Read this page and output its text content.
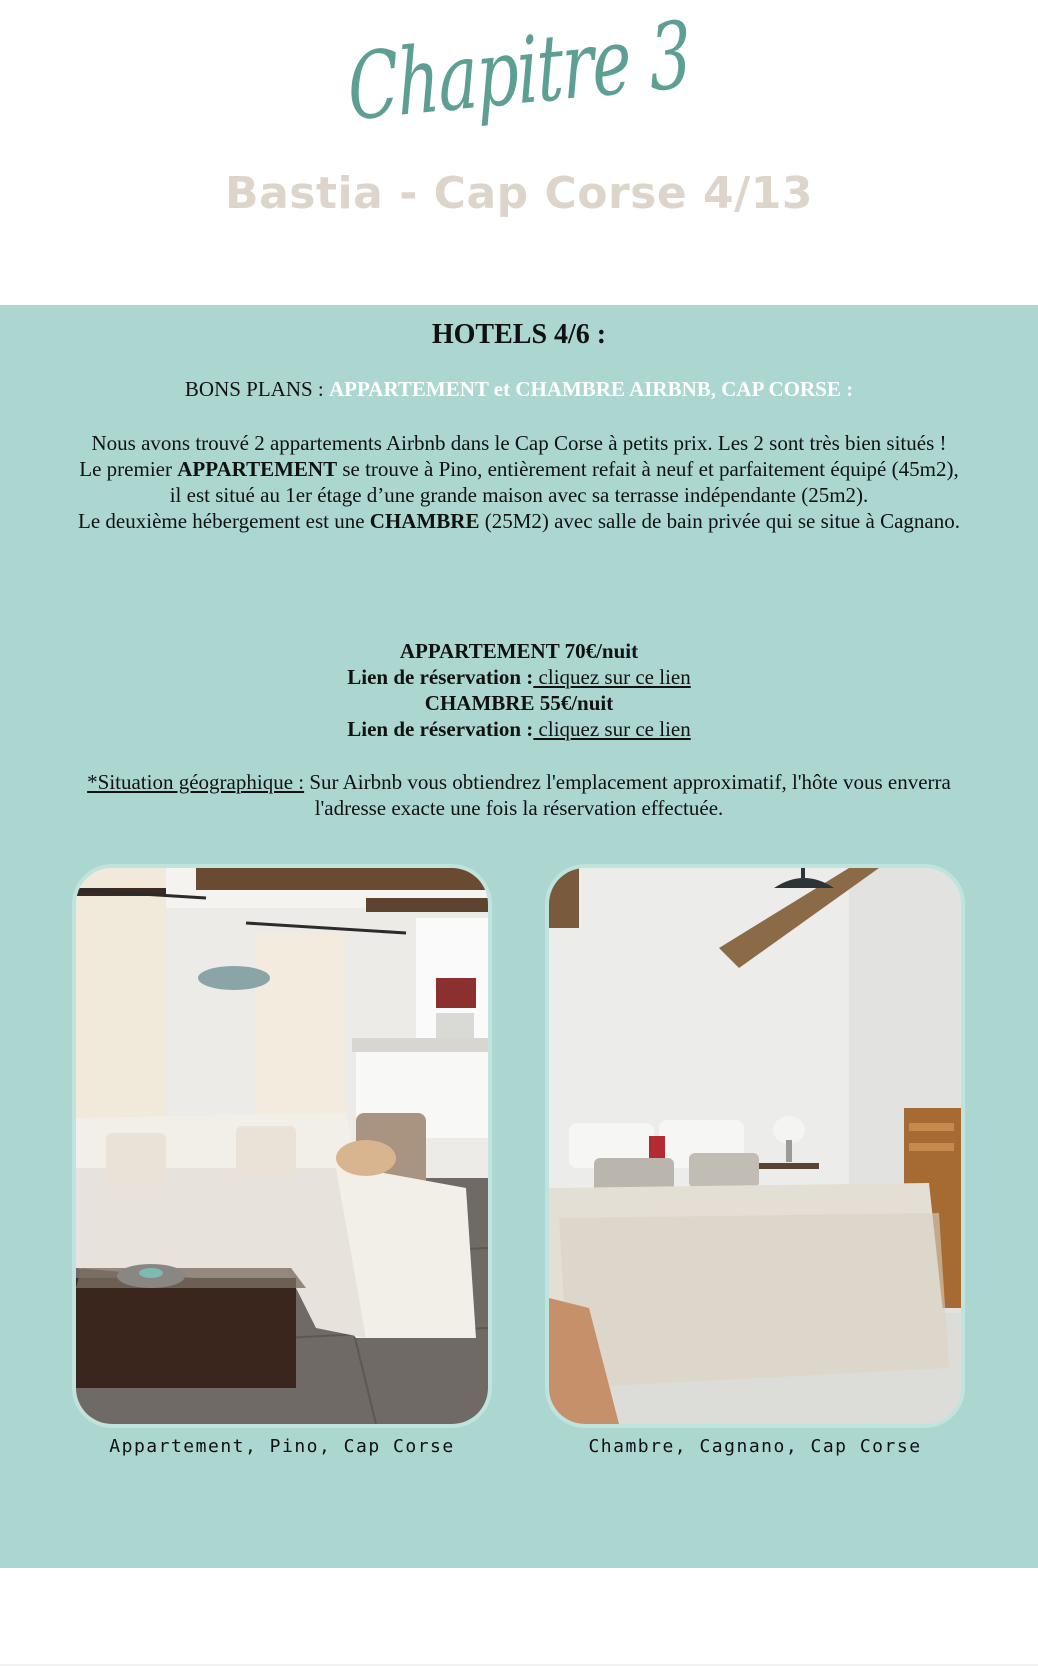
Chapitre 3
Bastia - Cap Corse 4/13
HOTELS 4/6 :
BONS PLANS : APPARTEMENT et CHAMBRE AIRBNB, CAP CORSE :

Nous avons trouvé 2 appartements Airbnb dans le Cap Corse à petits prix. Les 2 sont très bien situés !

Le premier APPARTEMENT se trouve à Pino, entièrement refait à neuf et parfaitement équipé (45m2), il est situé au 1er étage d’une grande maison avec sa terrasse indépendante (25m2).

Le deuxième hébergement est une CHAMBRE (25M2) avec salle de bain privée qui se situe à Cagnano.

APPARTEMENT 70€/nuit

Lien de réservation : cliquez sur ce lien

CHAMBRE 55€/nuit

Lien de réservation : cliquez sur ce lien

*Situation géographique : Sur Airbnb vous obtiendrez l'emplacement approximatif, l'hôte vous enverra l'adresse exacte une fois la réservation effectuée.
Appartement, Pino, Cap Corse	Chambre, Cagnano, Cap Corse
